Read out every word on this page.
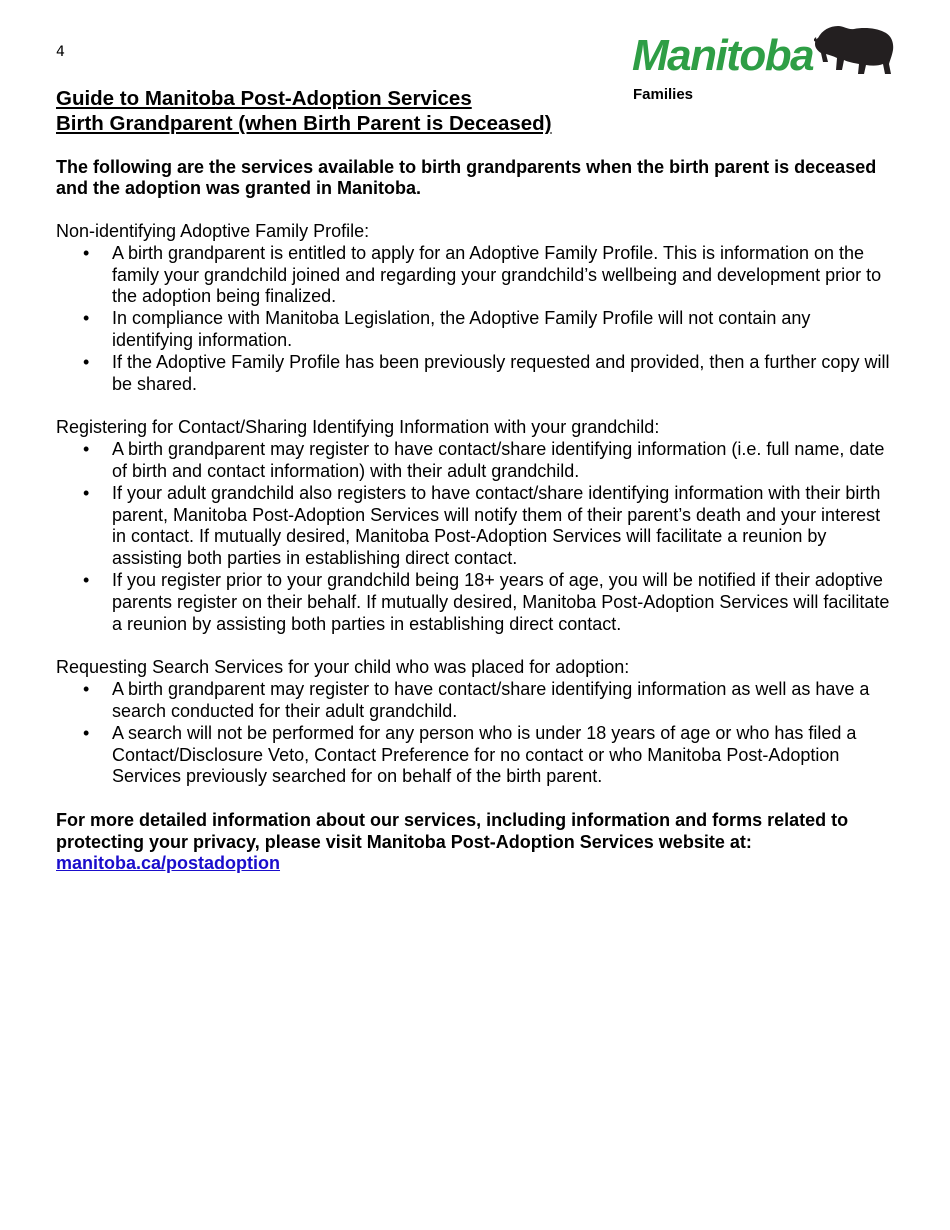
4	Manitoba
Families
Guide to Manitoba Post-Adoption Services
Birth Grandparent (when Birth Parent is Deceased)

The following are the services available to birth grandparents when the birth parent is deceased and the adoption was granted in Manitoba.

Non-identifying Adoptive Family Profile:

• A birth grandparent is entitled to apply for an Adoptive Family Profile. This is information on the family your grandchild joined and regarding your grandchild’s wellbeing and development prior to the adoption being finalized.
• In compliance with Manitoba Legislation, the Adoptive Family Profile will not contain any identifying information.
• If the Adoptive Family Profile has been previously requested and provided, then a further copy will be shared.

Registering for Contact/Sharing Identifying Information with your grandchild:

• A birth grandparent may register to have contact/share identifying information (i.e. full name, date of birth and contact information) with their adult grandchild.
• If your adult grandchild also registers to have contact/share identifying information with their birth parent, Manitoba Post-Adoption Services will notify them of their parent’s death and your interest in contact. If mutually desired, Manitoba Post-Adoption Services will facilitate a reunion by assisting both parties in establishing direct contact.
• If you register prior to your grandchild being 18+ years of age, you will be notified if their adoptive parents register on their behalf. If mutually desired, Manitoba Post-Adoption Services will facilitate a reunion by assisting both parties in establishing direct contact.

Requesting Search Services for your child who was placed for adoption:

• A birth grandparent may register to have contact/share identifying information as well as have a search conducted for their adult grandchild.
• A search will not be performed for any person who is under 18 years of age or who has filed a Contact/Disclosure Veto, Contact Preference for no contact or who Manitoba Post-Adoption Services previously searched for on behalf of the birth parent.
For more detailed information about our services, including information and forms related to protecting your privacy, please visit Manitoba Post-Adoption Services website at:
manitoba.ca/postadoption
